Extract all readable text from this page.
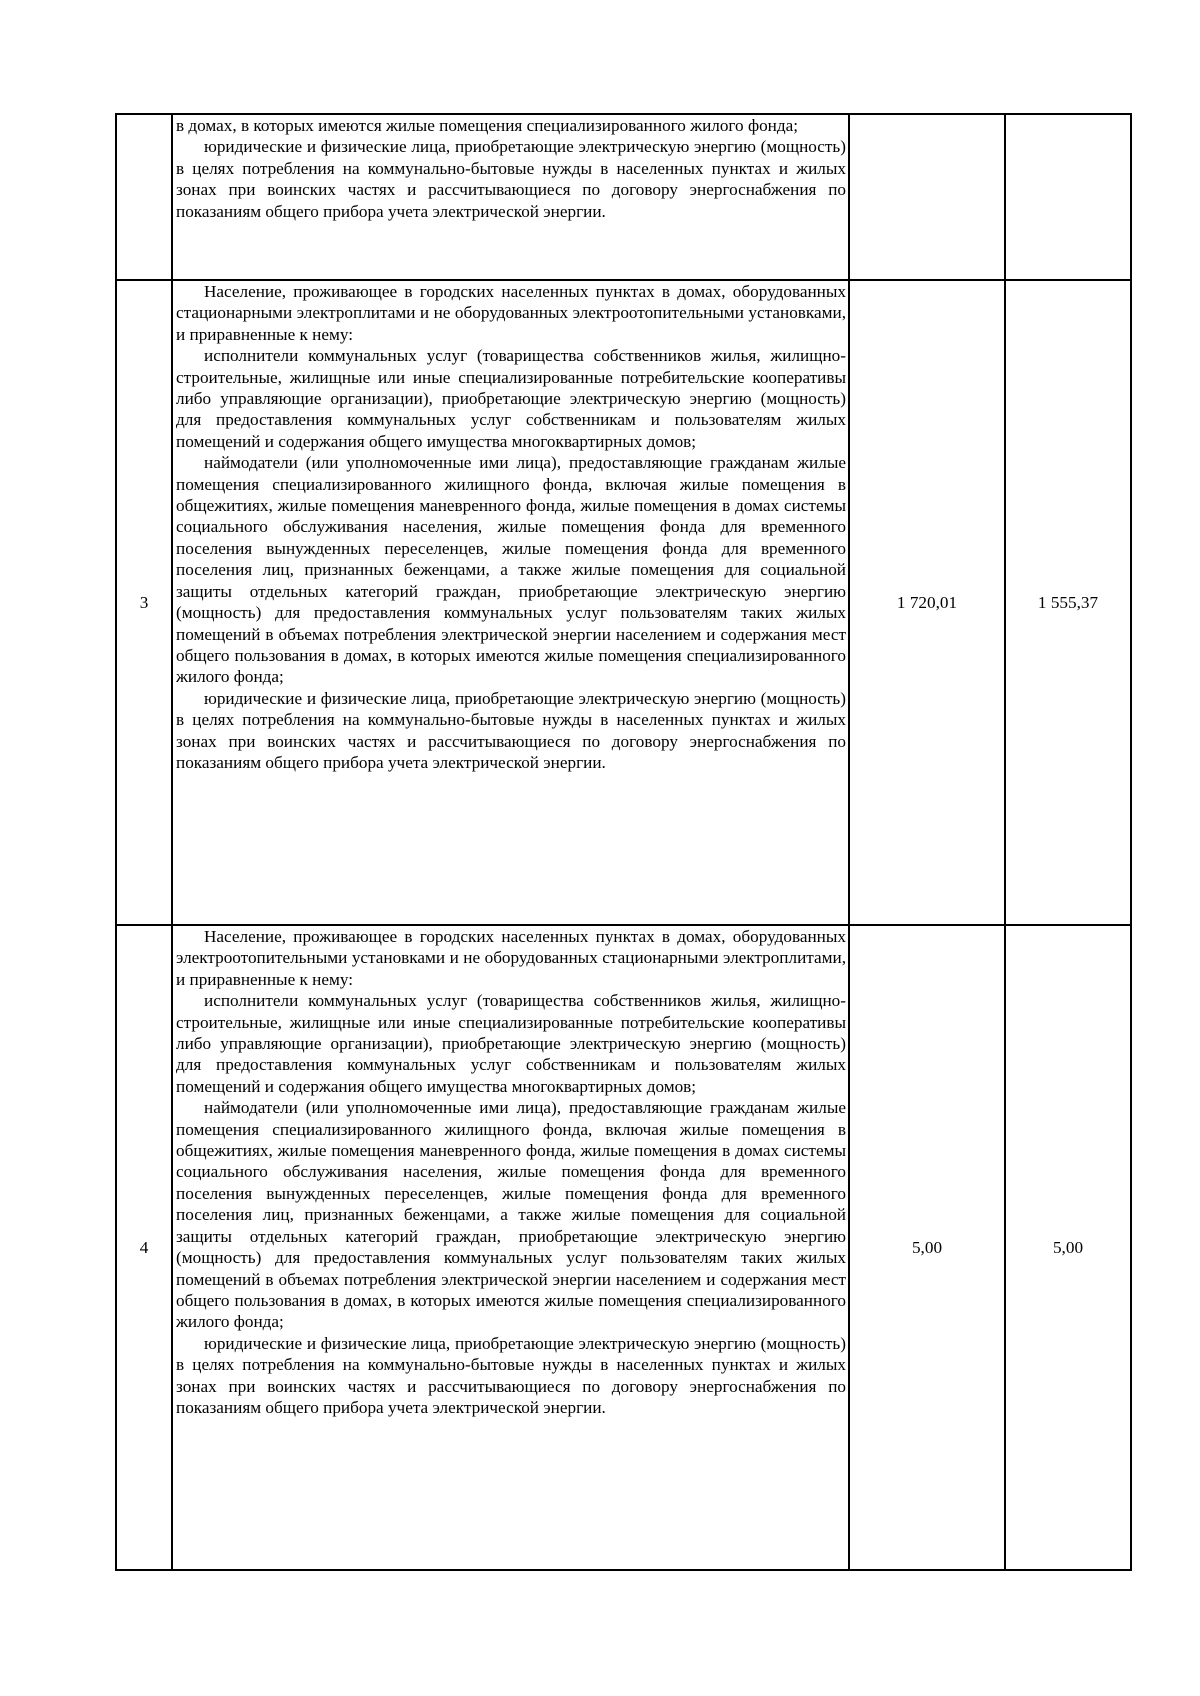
	в домах, в которых имеются жилые помещения специализированного жилого фонда;

юридические и физические лица, приобретающие электрическую энергию (мощность) в целях потребления на коммунально-бытовые нужды в населенных пунктах и жилых зонах при воинских частях и рассчитывающиеся по договору энергоснабжения по показаниям общего прибора учета электрической энергии.		

3	Население, проживающее в городских населенных пунктах в домах, оборудованных стационарными электроплитами и не оборудованных электроотопительными установками, и приравненные к нему:

исполнители коммунальных услуг (товарищества собственников жилья, жилищно-строительные, жилищные или иные специализированные потребительские кооперативы либо управляющие организации), приобретающие электрическую энергию (мощность) для предоставления коммунальных услуг собственникам и пользователям жилых помещений и содержания общего имущества многоквартирных домов;

наймодатели (или уполномоченные ими лица), предоставляющие гражданам жилые помещения специализированного жилищного фонда, включая жилые помещения в общежитиях, жилые помещения маневренного фонда, жилые помещения в домах системы социального обслуживания населения, жилые помещения фонда для временного поселения вынужденных переселенцев, жилые помещения фонда для временного поселения лиц, признанных беженцами, а также жилые помещения для социальной защиты отдельных категорий граждан, приобретающие электрическую энергию (мощность) для предоставления коммунальных услуг пользователям таких жилых помещений в объемах потребления электрической энергии населением и содержания мест общего пользования в домах, в которых имеются жилые помещения специализированного жилого фонда;

юридические и физические лица, приобретающие электрическую энергию (мощность) в целях потребления на коммунально-бытовые нужды в населенных пунктах и жилых зонах при воинских частях и рассчитывающиеся по договору энергоснабжения по показаниям общего прибора учета электрической энергии.	1 720,01	1 555,37
4	Население, проживающее в городских населенных пунктах в домах, оборудованных электроотопительными установками и не оборудованных стационарными электроплитами, и приравненные к нему:

исполнители коммунальных услуг (товарищества собственников жилья, жилищно-строительные, жилищные или иные специализированные потребительские кооперативы либо управляющие организации), приобретающие электрическую энергию (мощность) для предоставления коммунальных услуг собственникам и пользователям жилых помещений и содержания общего имущества многоквартирных домов;

наймодатели (или уполномоченные ими лица), предоставляющие гражданам жилые помещения специализированного жилищного фонда, включая жилые помещения в общежитиях, жилые помещения маневренного фонда, жилые помещения в домах системы социального обслуживания населения, жилые помещения фонда для временного поселения вынужденных переселенцев, жилые помещения фонда для временного поселения лиц, признанных беженцами, а также жилые помещения для социальной защиты отдельных категорий граждан, приобретающие электрическую энергию (мощность) для предоставления коммунальных услуг пользователям таких жилых помещений в объемах потребления электрической энергии населением и содержания мест общего пользования в домах, в которых имеются жилые помещения специализированного жилого фонда;

юридические и физические лица, приобретающие электрическую энергию (мощность) в целях потребления на коммунально-бытовые нужды в населенных пунктах и жилых зонах при воинских частях и рассчитывающиеся по договору энергоснабжения по показаниям общего прибора учета электрической энергии.	5,00	5,00
